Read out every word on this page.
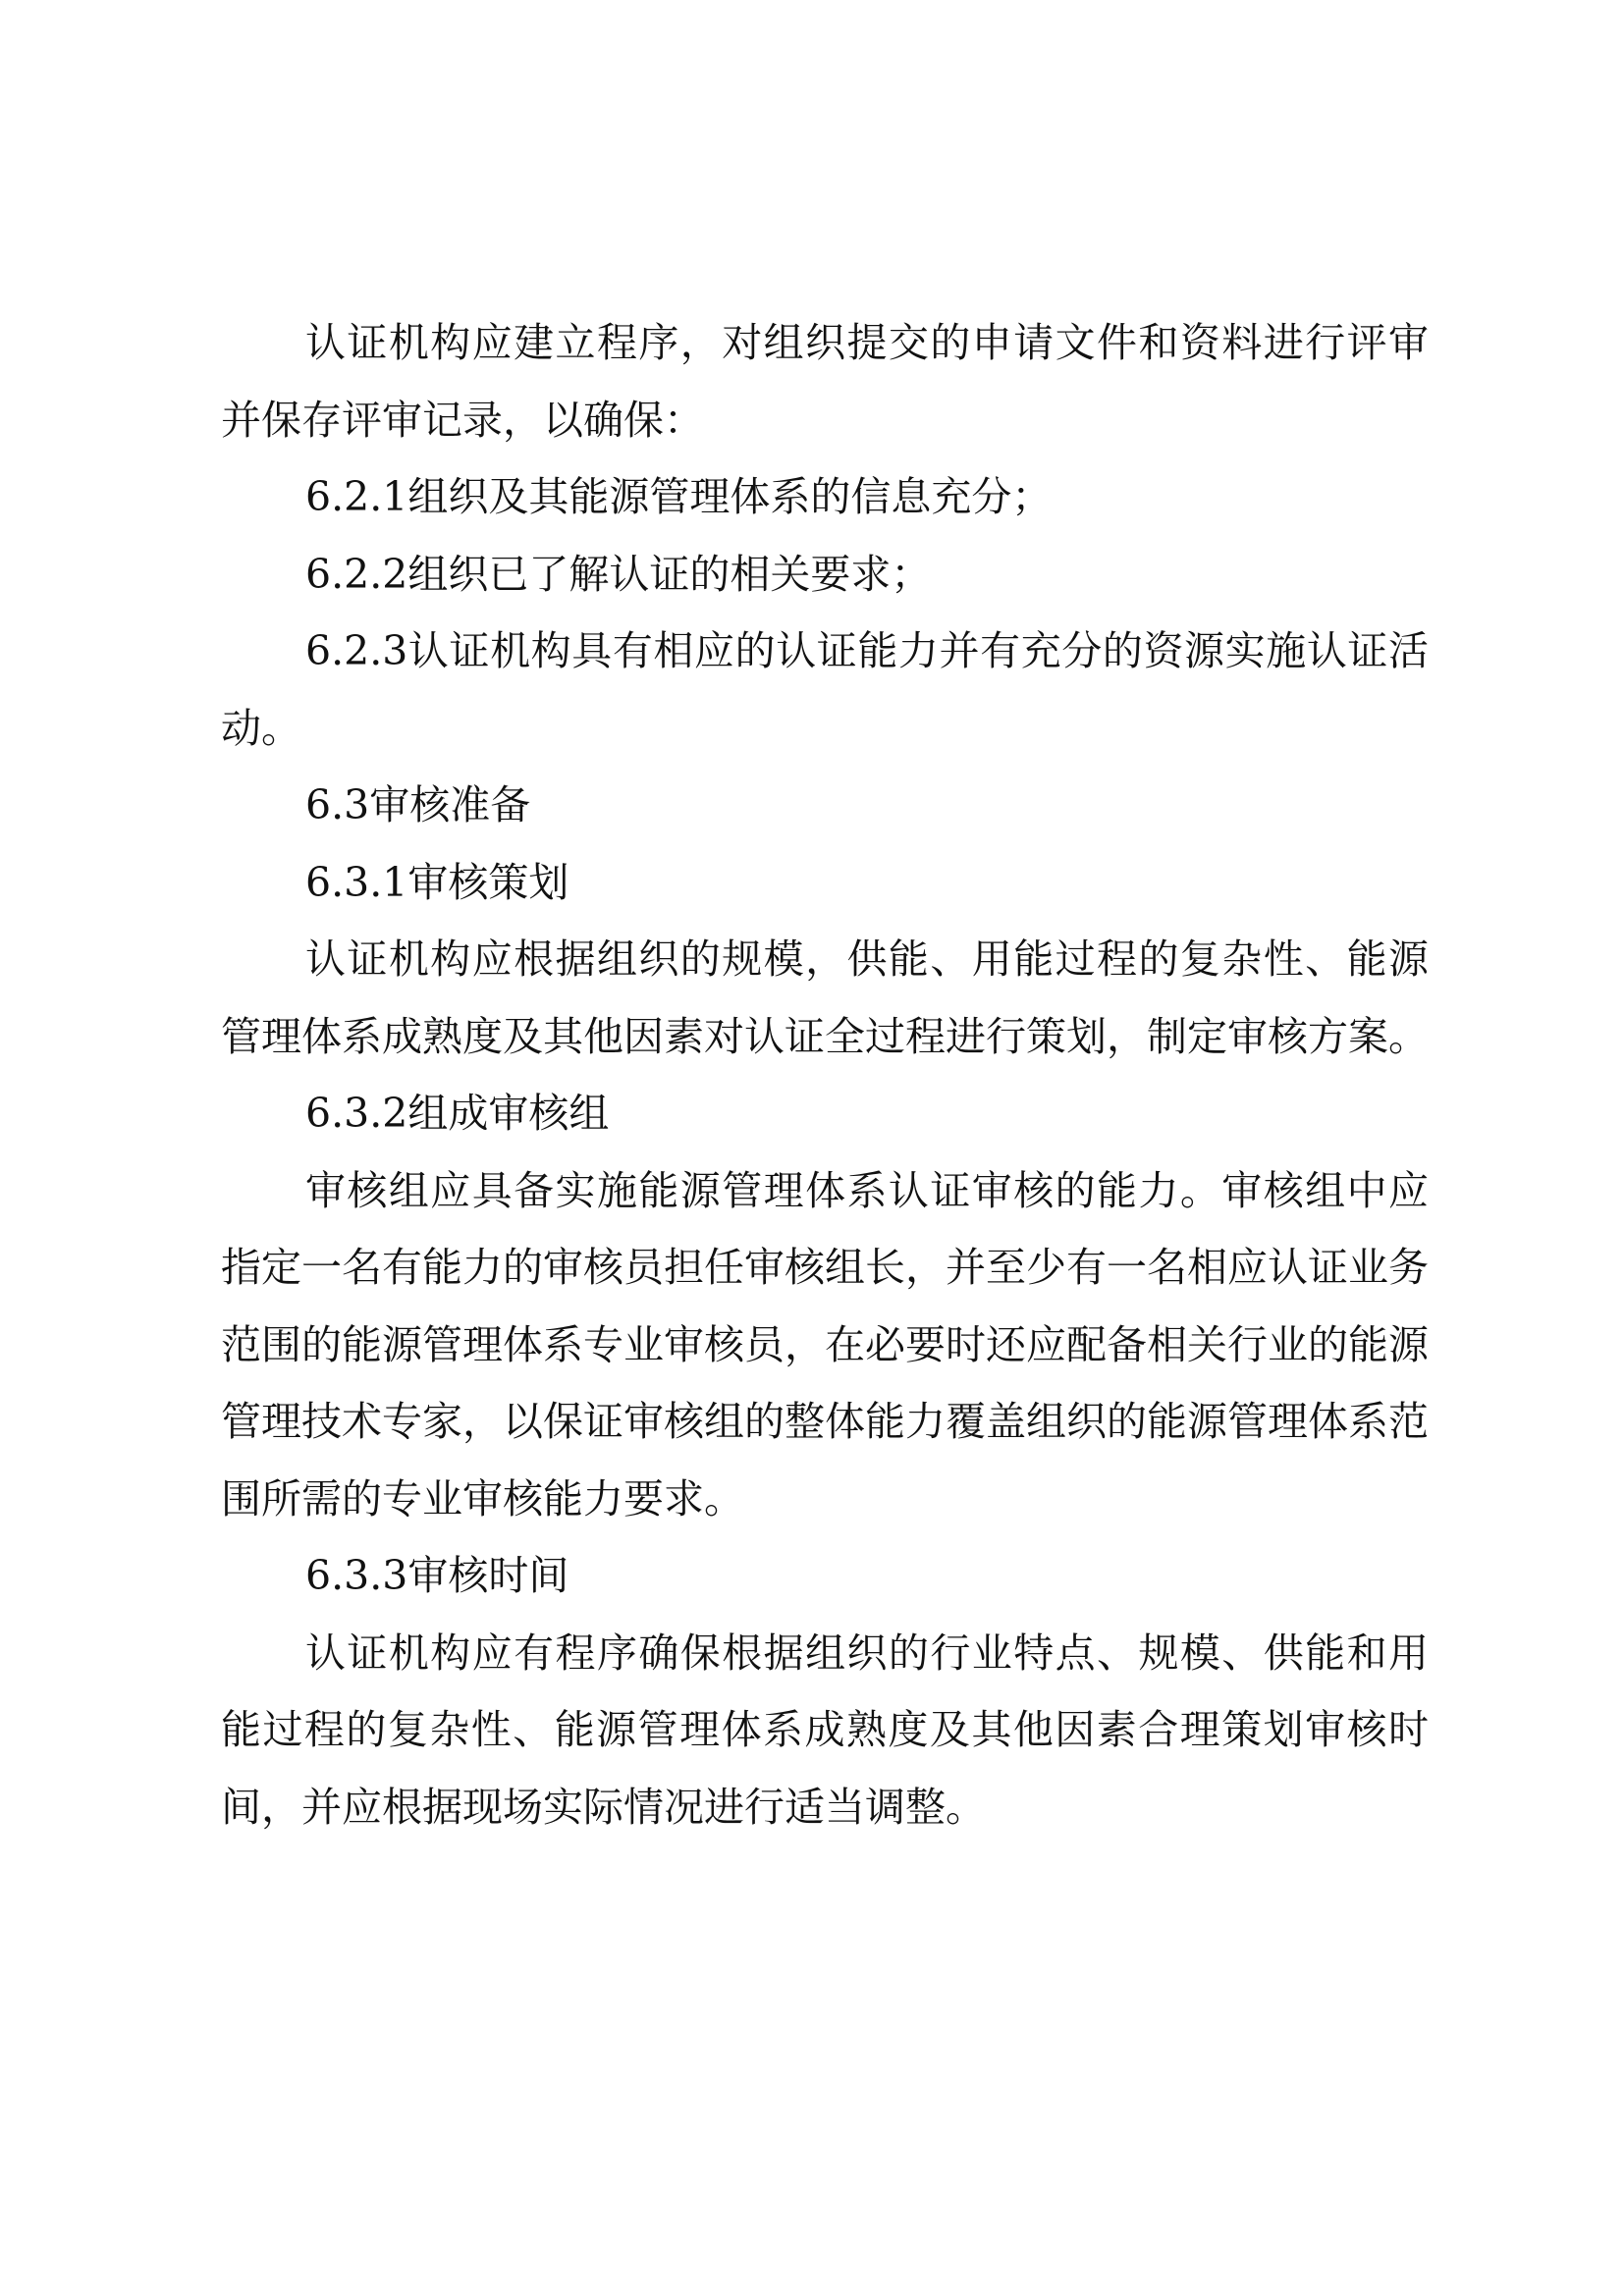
认证机构应建立程序，对组织提交的申请文件和资料进行评审并保存评审记录，以确保：

6.2.1组织及其能源管理体系的信息充分；

6.2.2组织已了解认证的相关要求；

6.2.3认证机构具有相应的认证能力并有充分的资源实施认证活动。

6.3审核准备

6.3.1审核策划

认证机构应根据组织的规模，供能、用能过程的复杂性、能源管理体系成熟度及其他因素对认证全过程进行策划，制定审核方案。

6.3.2组成审核组

审核组应具备实施能源管理体系认证审核的能力。审核组中应指定一名有能力的审核员担任审核组长，并至少有一名相应认证业务范围的能源管理体系专业审核员，在必要时还应配备相关行业的能源管理技术专家，以保证审核组的整体能力覆盖组织的能源管理体系范围所需的专业审核能力要求。

6.3.3审核时间

认证机构应有程序确保根据组织的行业特点、规模、供能和用能过程的复杂性、能源管理体系成熟度及其他因素合理策划审核时间，并应根据现场实际情况进行适当调整。
